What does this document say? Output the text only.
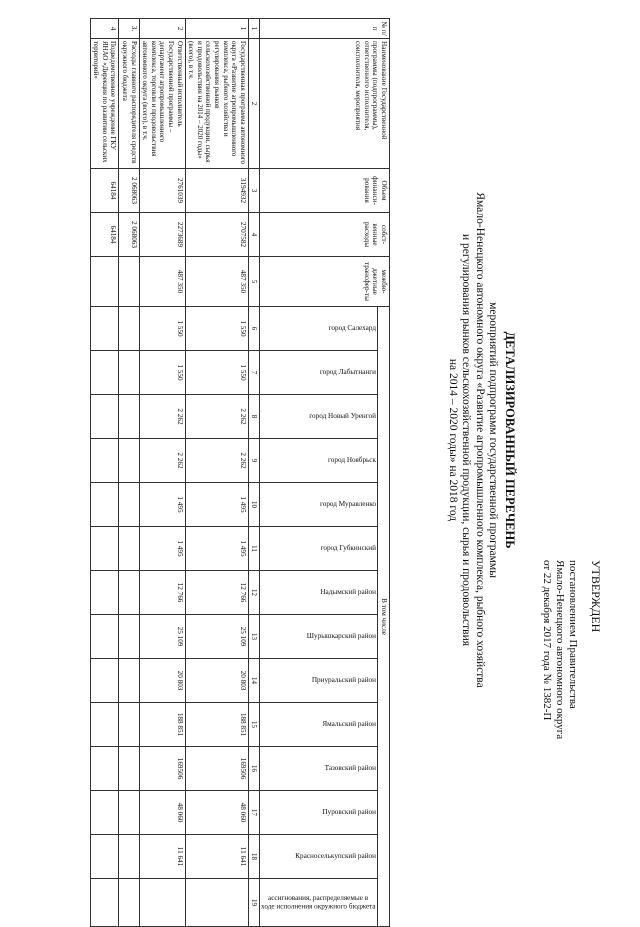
УТВЕРЖДЕН
постановлением Правительства
Ямало-Ненецкого автономного округа
от 22 декабря 2017 года № 1382-П
ДЕТАЛИЗИРОВАННЫЙ ПЕРЕЧЕНЬ
мероприятий подпрограмм государственной программы
Ямало-Ненецкого автономного округа «Развитие агропромышленного комплекса, рыбного хозяйства
и регулирования рынков сельскохозяйственной продукции, сырья и продовольствия
на 2014 – 2020 годы» на 2018 год
№ п/п	Наименование Государственной программы (подпрограммы), ответственного исполнителя, соисполнителя, мероприятия	Объем финанси-рования	собст-венные расходы	межбю-джетные трансфер-ты	В том числе													
					город Салехард	город Лабытнанги	город Новый Уренгой	город Ноябрьск	город Муравленко	город Губкинский	Надымский район	Шурышкарский район	Приуральский район	Ямальский район	Тазовский район	Пуровский район	Красноселькупский район	ассигнования, распределяемые в ходе исполнения окружного бюджета
1	2	3	4	5	6	7	8	9	10	11	12	13	14	15	16	17	18	19
1	Государственная программа автономного округа «Развитие агропромышленного комплекса, рыбного хозяйства и регулирования рынков сельскохозяйственной продукции, сырья и продовольствия на 2014 – 2020 годы» (всего), в т.ч.	3194932	2707582	487 350	1 550	1 550	2 262	2 262	1 495	1 495	12 766	25 109	20 803	188 851	169506	48 060	11 641	
2	Ответственный исполнитель Государственной программы – департамент агропромышленного комплекса, торговли и продовольствия автономного округа (всего), в т.ч.	2761039	2273689	487 350	1 550	1 550	2 262	2 262	1 495	1 495	12 766	25 109	20 803	188 851	169506	48 060	11 641	
3.	Расходы главного распорядителя средств окружного бюджета	2 068063	2 068063															
4	Подведомственное учреждение ГКУ ЯНАО «Дирекция по развитию сельских территорий»	64184	64184															
